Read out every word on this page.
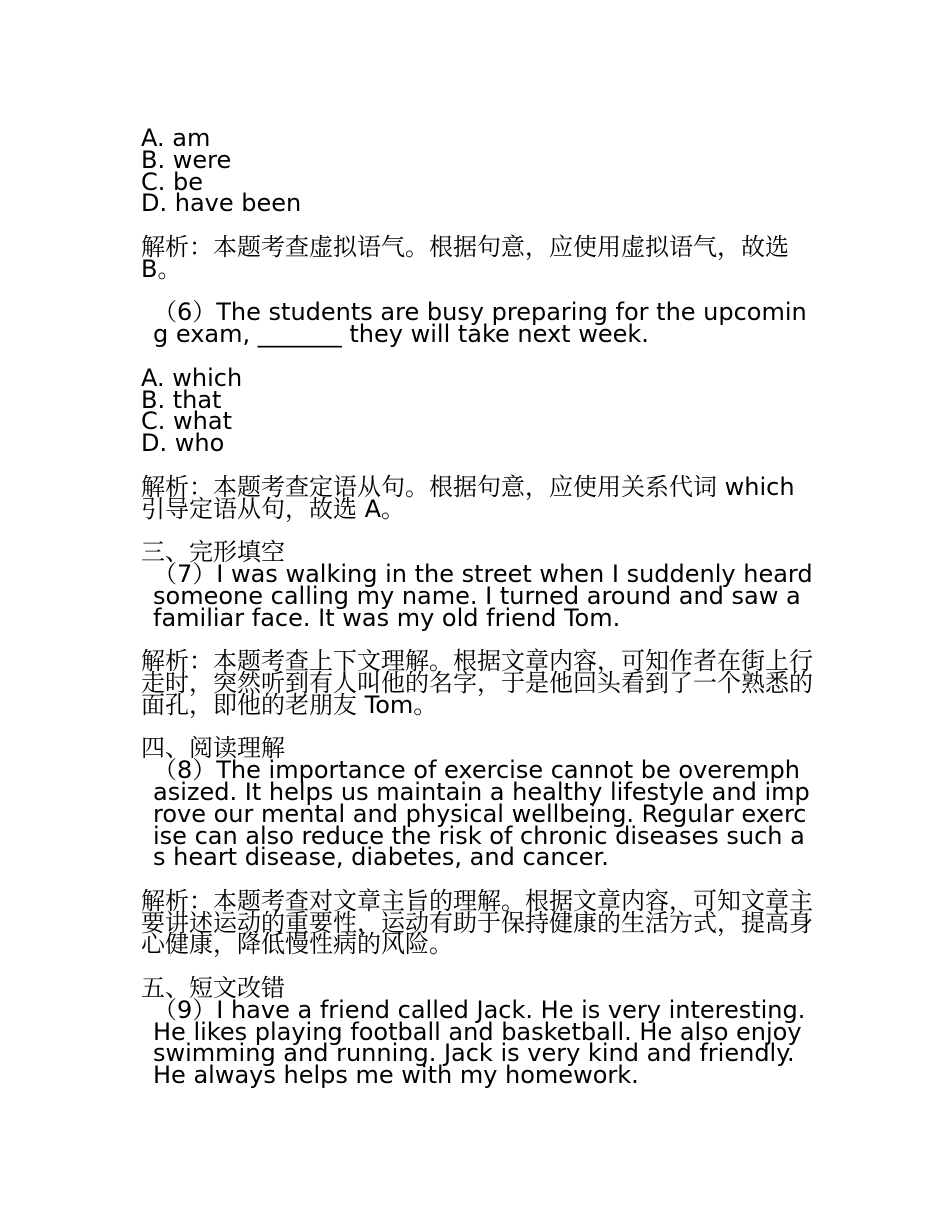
A. am
B. were
C. be
D. have been

解析：本题考查虚拟语气。根据句意，应使用虚拟语气，故选B。

（6）The students are busy preparing for the upcoming exam, _______ they will take next week.

A. which
B. that
C. what
D. who

解析：本题考查定语从句。根据句意，应使用关系代词 which 引导定语从句，故选 A。

三、完形填空

（7）I was walking in the street when I suddenly heard someone calling my name. I turned around and saw a familiar face. It was my old friend Tom.

解析：本题考查上下文理解。根据文章内容，可知作者在街上行走时，突然听到有人叫他的名字，于是他回头看到了一个熟悉的面孔，即他的老朋友 Tom。

四、阅读理解

（8）The importance of exercise cannot be overemphasized. It helps us maintain a healthy lifestyle and improve our mental and physical wellbeing. Regular exercise can also reduce the risk of chronic diseases such as heart disease, diabetes, and cancer.

解析：本题考查对文章主旨的理解。根据文章内容，可知文章主要讲述运动的重要性，运动有助于保持健康的生活方式，提高身心健康，降低慢性病的风险。

五、短文改错

（9）I have a friend called Jack. He is very interesting. He likes playing football and basketball. He also enjoy swimming and running. Jack is very kind and friendly. He always helps me with my homework.
